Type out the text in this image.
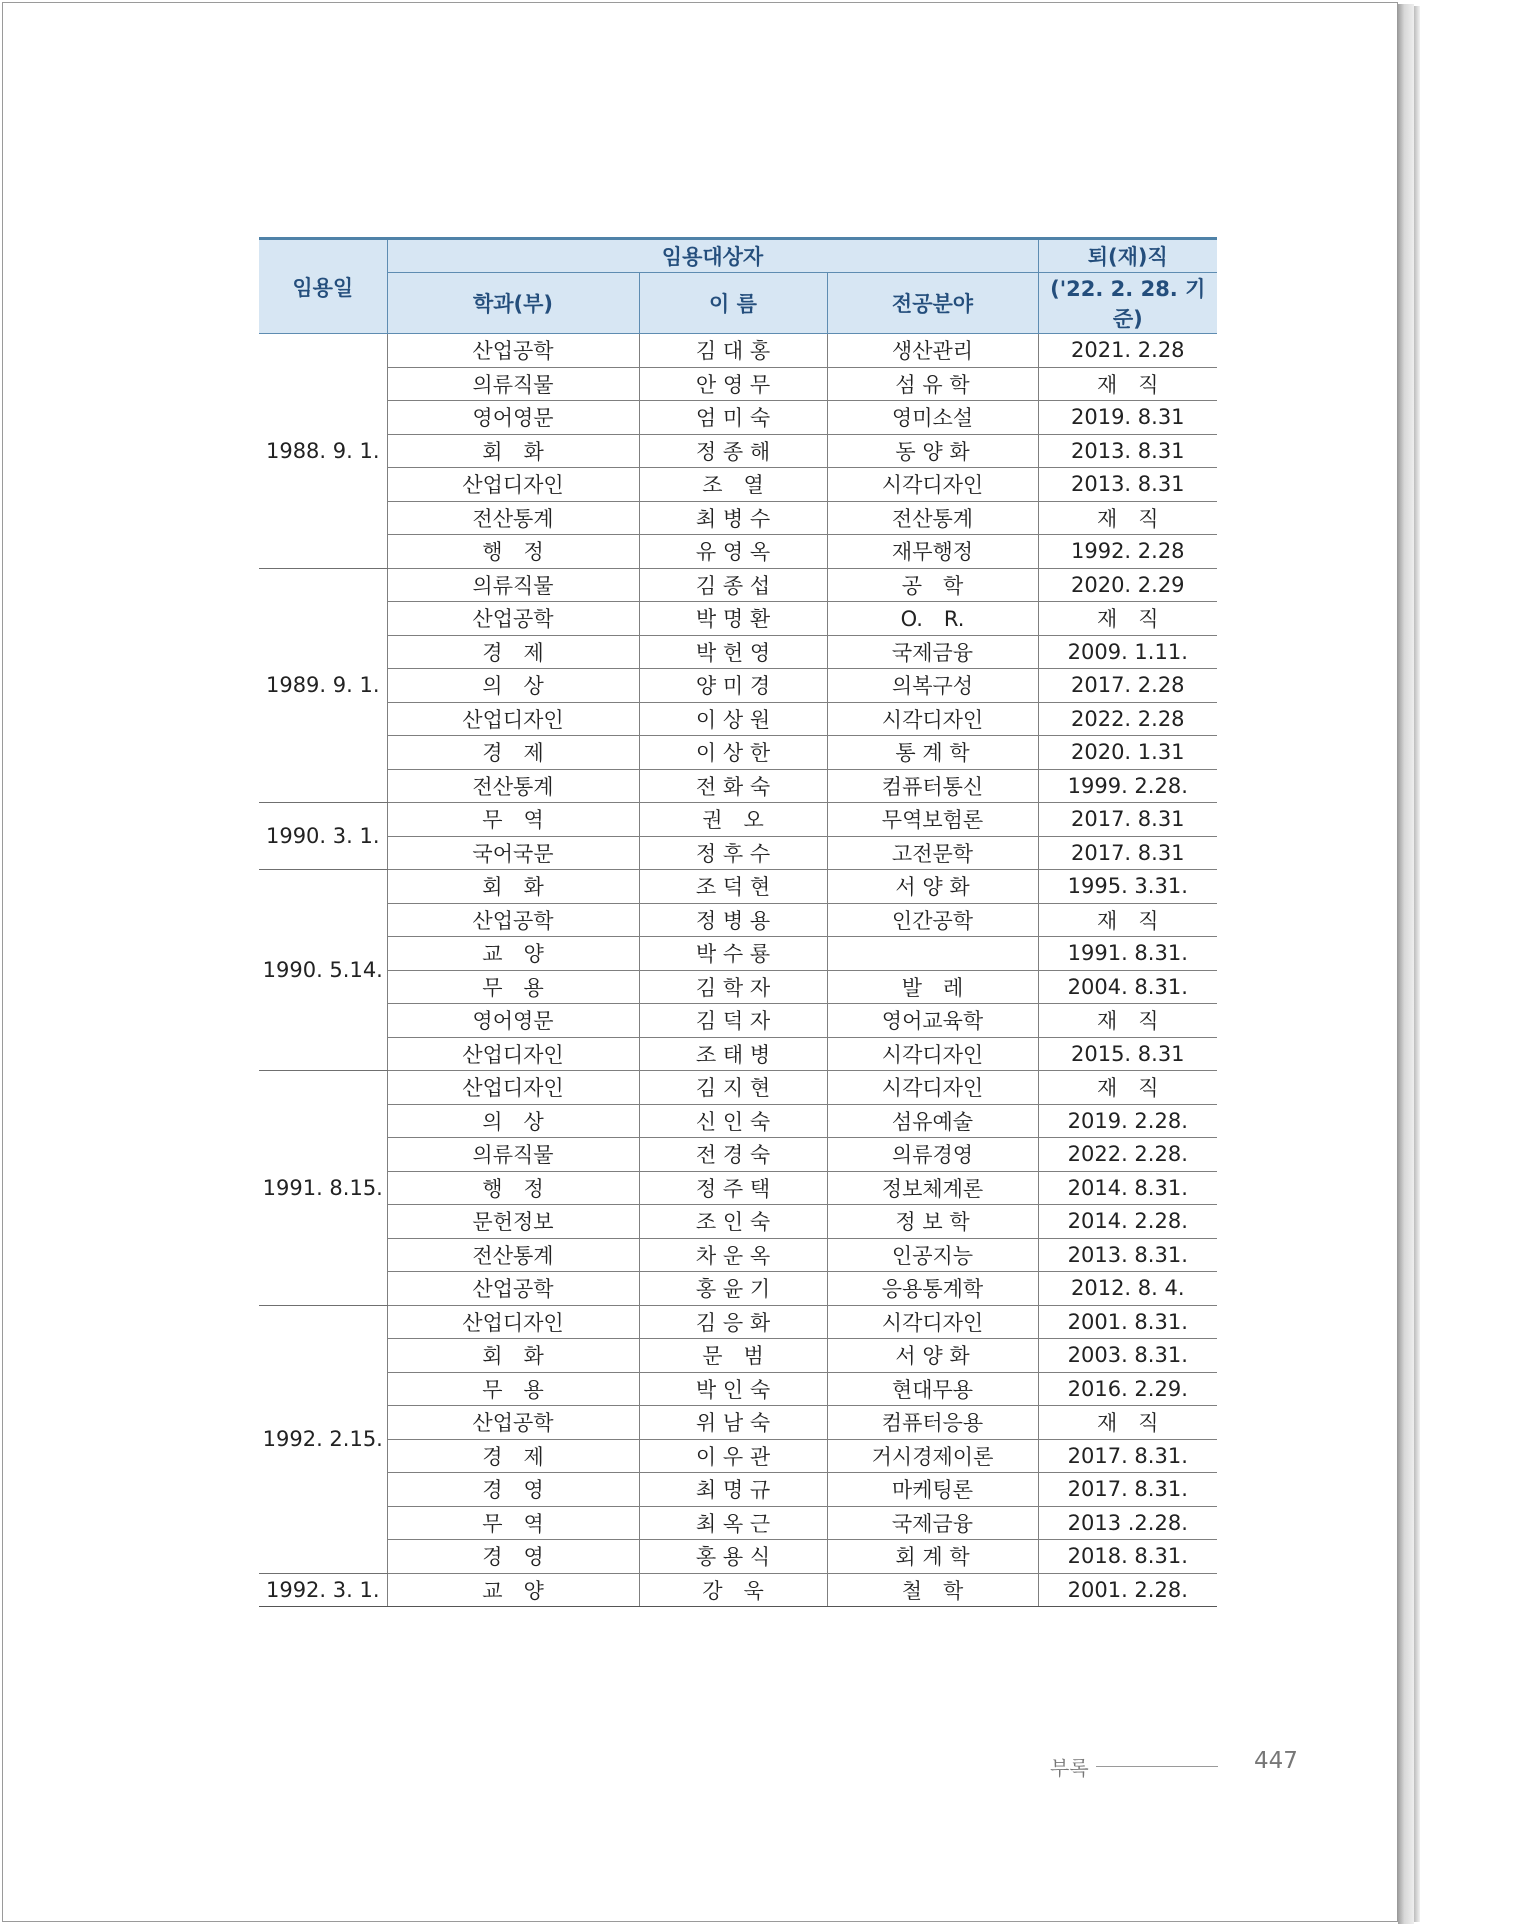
임용일	임용대상자			퇴(재)직
	학과(부)	이 름	전공분야	('22. 2. 28. 기준)
1988. 9. 1.	산업공학	김 대 홍	생산관리	2021. 2.28
	의류직물	안 영 무	섬 유 학	재　직
	영어영문	엄 미 숙	영미소설	2019. 8.31
	회　화	정 종 해	동 양 화	2013. 8.31
	산업디자인	조　열	시각디자인	2013. 8.31
	전산통계	최 병 수	전산통계	재　직
	행　정	유 영 옥	재무행정	1992. 2.28
1989. 9. 1.	의류직물	김 종 섭	공　학	2020. 2.29
	산업공학	박 명 환	O.　R.	재　직
	경　제	박 헌 영	국제금융	2009. 1.11.
	의　상	양 미 경	의복구성	2017. 2.28
	산업디자인	이 상 원	시각디자인	2022. 2.28
	경　제	이 상 한	통 계 학	2020. 1.31
	전산통계	전 화 숙	컴퓨터통신	1999. 2.28.
1990. 3. 1.	무　역	권　오	무역보험론	2017. 8.31
	국어국문	정 후 수	고전문학	2017. 8.31
1990. 5.14.	회　화	조 덕 현	서 양 화	1995. 3.31.
	산업공학	정 병 용	인간공학	재　직
	교　양	박 수 룡		1991. 8.31.
	무　용	김 학 자	발　레	2004. 8.31.
	영어영문	김 덕 자	영어교육학	재　직
	산업디자인	조 태 병	시각디자인	2015. 8.31
1991. 8.15.	산업디자인	김 지 현	시각디자인	재　직
	의　상	신 인 숙	섬유예술	2019. 2.28.
	의류직물	전 경 숙	의류경영	2022. 2.28.
	행　정	정 주 택	정보체계론	2014. 8.31.
	문헌정보	조 인 숙	정 보 학	2014. 2.28.
	전산통계	차 운 옥	인공지능	2013. 8.31.
	산업공학	홍 윤 기	응용통계학	2012. 8. 4.
1992. 2.15.	산업디자인	김 응 화	시각디자인	2001. 8.31.
	회　화	문　범	서 양 화	2003. 8.31.
	무　용	박 인 숙	현대무용	2016. 2.29.
	산업공학	위 남 숙	컴퓨터응용	재　직
	경　제	이 우 관	거시경제이론	2017. 8.31.
	경　영	최 명 규	마케팅론	2017. 8.31.
	무　역	최 옥 근	국제금융	2013 .2.28.
	경　영	홍 용 식	회 계 학	2018. 8.31.
1992. 3. 1.	교　양	강　욱	철　학	2001. 2.28.
부록	447
